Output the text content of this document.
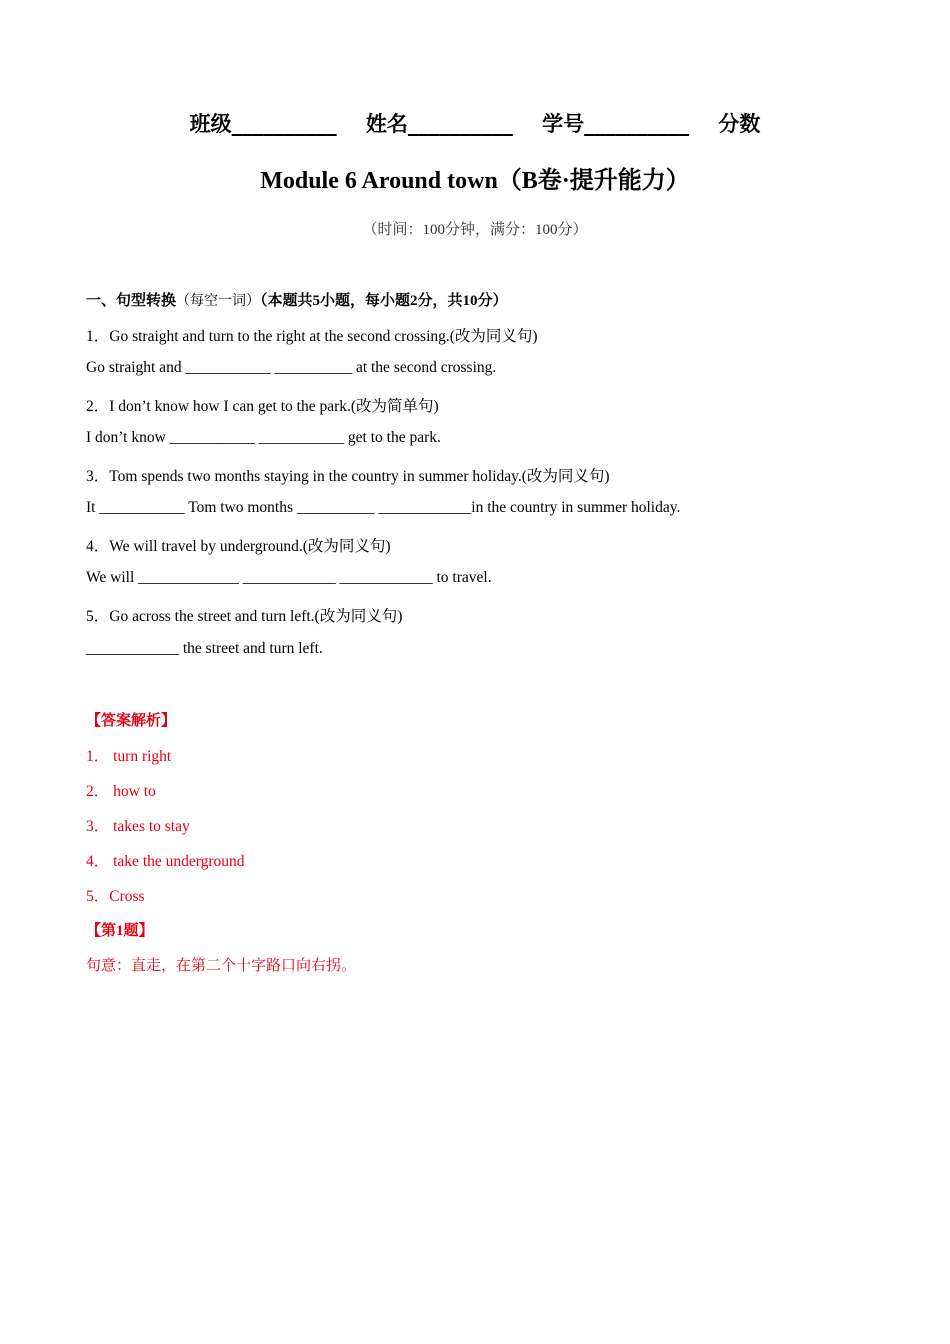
班级__________    姓名__________    学号__________    分数
Module 6 Around town（B卷·提升能力）
（时间：100分钟，满分：100分）
一、句型转换（每空一词）（本题共5小题，每小题2分，共10分）
1．Go straight and turn to the right at the second crossing.(改为同义句)
Go straight and ___________ __________ at the second crossing.
2．I don’t know how I can get to the park.(改为简单句)
I don’t know ___________ ___________ get to the park.
3．Tom spends two months staying in the country in summer holiday.(改为同义句)
It ___________ Tom two months __________ ____________in the country in summer holiday.
4．We will travel by underground.(改为同义句)
We will _____________ ____________ ____________ to travel.
5．Go across the street and turn left.(改为同义句)
____________ the street and turn left.
【答案解析】
1． turn right
2． how to
3． takes to stay
4． take the underground
5．Cross
【第1题】
句意：直走，在第二个十字路口向右拐。
